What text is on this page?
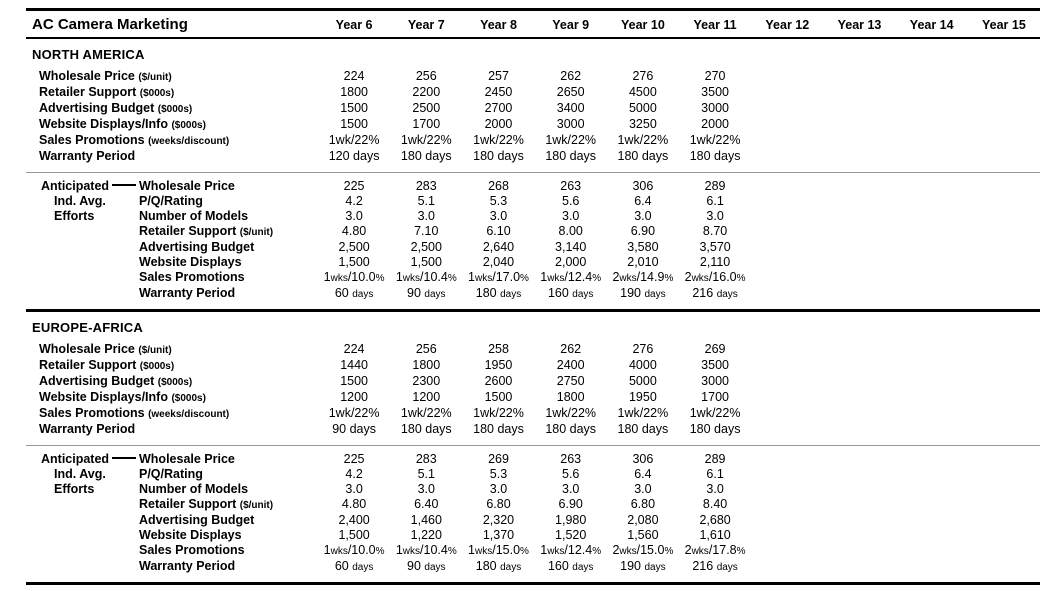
AC Camera Marketing	Year 6	Year 7	Year 8	Year 9	Year 10	Year 11	Year 12	Year 13	Year 14	Year 15
NORTH AMERICA
Wholesale Price ($/unit)	224	256	257	262	276	270
Retailer Support ($000s)	1800	2200	2450	2650	4500	3500
Advertising Budget ($000s)	1500	2500	2700	3400	5000	3000
Website Displays/Info ($000s)	1500	1700	2000	3000	3250	2000
Sales Promotions (weeks/discount)	1wk/22%	1wk/22%	1wk/22%	1wk/22%	1wk/22%	1wk/22%
Warranty Period	120 days	180 days	180 days	180 days	180 days	180 days
Anticipated
Ind. Avg.
Efforts
Wholesale Price	225	283	268	263	306	289
P/Q/Rating	4.2	5.1	5.3	5.6	6.4	6.1
Number of Models	3.0	3.0	3.0	3.0	3.0	3.0
Retailer Support ($/unit)	4.80	7.10	6.10	8.00	6.90	8.70
Advertising Budget	2,500	2,500	2,640	3,140	3,580	3,570
Website Displays	1,500	1,500	2,040	2,000	2,010	2,110
Sales Promotions	1wks/10.0% 1wks/10.4% 1wks/17.0% 1wks/12.4% 2wks/14.9% 2wks/16.0%
Warranty Period	60 days	90 days	180 days	160 days	190 days	216 days
EUROPE-AFRICA
Wholesale Price ($/unit)	224	256	258	262	276	269
Retailer Support ($000s)	1440	1800	1950	2400	4000	3500
Advertising Budget ($000s)	1500	2300	2600	2750	5000	3000
Website Displays/Info ($000s)	1200	1200	1500	1800	1950	1700
Sales Promotions (weeks/discount)	1wk/22%	1wk/22%	1wk/22%	1wk/22%	1wk/22%	1wk/22%
Warranty Period	90 days	180 days	180 days	180 days	180 days	180 days
Anticipated
Ind. Avg.
Efforts
Wholesale Price	225	283	269	263	306	289
P/Q/Rating	4.2	5.1	5.3	5.6	6.4	6.1
Number of Models	3.0	3.0	3.0	3.0	3.0	3.0
Retailer Support ($/unit)	4.80	6.40	6.80	6.90	6.80	8.40
Advertising Budget	2,400	1,460	2,320	1,980	2,080	2,680
Website Displays	1,500	1,220	1,370	1,520	1,560	1,610
Sales Promotions	1wks/10.0% 1wks/10.4% 1wks/15.0% 1wks/12.4% 2wks/15.0% 2wks/17.8%
Warranty Period	60 days	90 days	180 days	160 days	190 days	216 days
